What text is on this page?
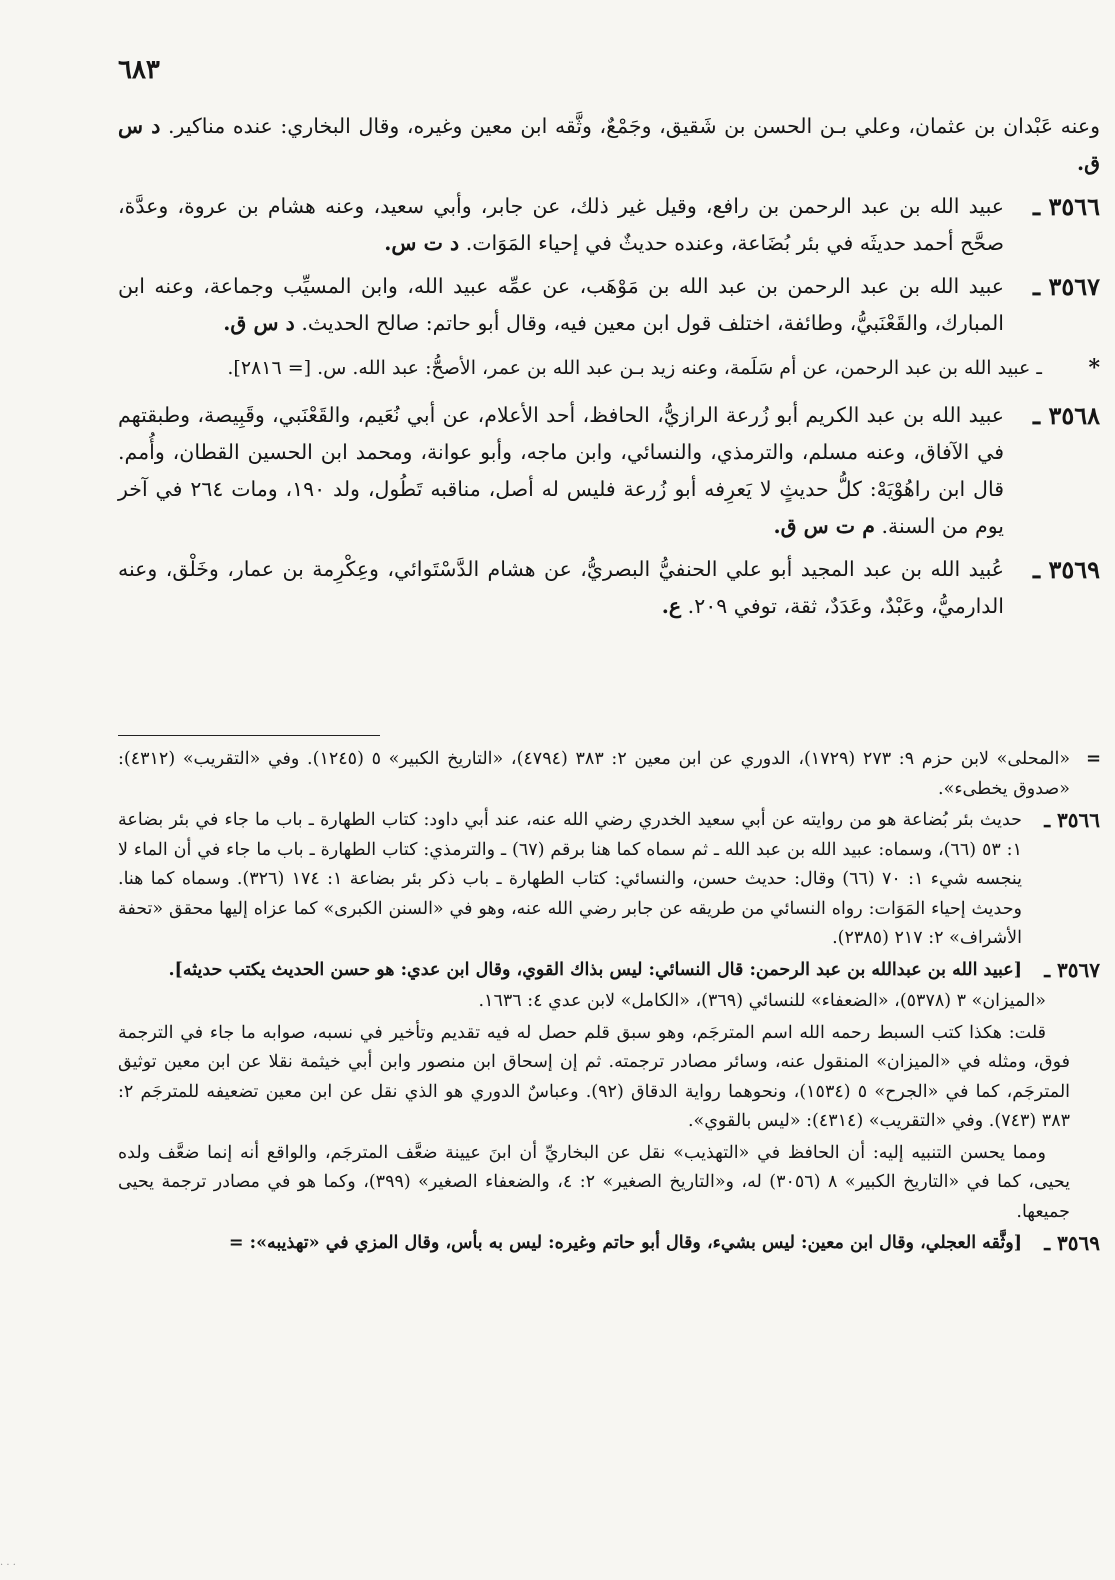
٦٨٣
وعنه عَبْدان بن عثمان، وعلي بـن الحسن بن شَقيق، وجَمْعٌ، وثَّقه ابن معين وغيره، وقال البخاري: عنده مناكير. د س ق.
٣٥٦٦ ـ
عبيد الله بن عبد الرحمن بن رافع، وقيل غير ذلك، عن جابر، وأبي سعيد، وعنه هشام بن عروة، وعدَّة، صحَّح أحمد حديثَه في بئر بُضَاعة، وعنده حديثٌ في إحياء المَوَات. د ت س.
٣٥٦٧ ـ
عبيد الله بن عبد الرحمن بن عبد الله بن مَوْهَب، عن عمِّه عبيد الله، وابن المسيِّب وجماعة، وعنه ابن المبارك، والقَعْنَبيُّ، وطائفة، اختلف قول ابن معين فيه، وقال أبو حاتم: صالح الحديث. د س ق.
*
ـ عبيد الله بن عبد الرحمن، عن أم سَلَمة، وعنه زيد بـن عبد الله بن عمر، الأصحُّ: عبد الله. س. [= ٢٨١٦].
٣٥٦٨ ـ
عبيد الله بن عبد الكريم أبو زُرعة الرازيُّ، الحافظ، أحد الأعلام، عن أبي نُعَيم، والقَعْنَبي، وقَبِيصة، وطبقتهم في الآفاق، وعنه مسلم، والترمذي، والنسائي، وابن ماجه، وأبو عوانة، ومحمد ابن الحسين القطان، وأُمم. قال ابن راهُوْيَهْ: كلُّ حديثٍ لا يَعرِفه أبو زُرعة فليس له أصل، مناقبه تَطُول، ولد ١٩٠، ومات ٢٦٤ في آخر يوم من السنة. م ت س ق.
٣٥٦٩ ـ
عُبيد الله بن عبد المجيد أبو علي الحنفيُّ البصريُّ، عن هشام الدَّسْتَوائي، وعِكْرِمة بن عمار، وخَلْق، وعنه الدارميُّ، وعَبْدٌ، وعَدَدٌ، ثقة، توفي ٢٠٩. ع.
=
«المحلى» لابن حزم ٩: ٢٧٣ (١٧٢٩)، الدوري عن ابن معين ٢: ٣٨٣ (٤٧٩٤)، «التاريخ الكبير» ٥ (١٢٤٥). وفي «التقريب» (٤٣١٢): «صدوق يخطىء».
٣٥٦٦ ـ
حديث بئر بُضاعة هو من روايته عن أبي سعيد الخدري رضي الله عنه، عند أبي داود: كتاب الطهارة ـ باب ما جاء في بئر بضاعة ١: ٥٣ (٦٦)، وسماه: عبيد الله بن عبد الله ـ ثم سماه كما هنا برقم (٦٧) ـ والترمذي: كتاب الطهارة ـ باب ما جاء في أن الماء لا ينجسه شيء ١: ٧٠ (٦٦) وقال: حديث حسن، والنسائي: كتاب الطهارة ـ باب ذكر بئر بضاعة ١: ١٧٤ (٣٢٦). وسماه كما هنا. وحديث إحياء المَوَات: رواه النسائي من طريقه عن جابر رضي الله عنه، وهو في «السنن الكبرى» كما عزاه إليها محقق «تحفة الأشراف» ٢: ٢١٧ (٢٣٨٥).
٣٥٦٧ ـ
[عبيد الله بن عبدالله بن عبد الرحمن: قال النسائي: ليس بذاك القوي، وقال ابن عدي: هو حسن الحديث يكتب حديثه].
«الميزان» ٣ (٥٣٧٨)، «الضعفاء» للنسائي (٣٦٩)، «الكامل» لابن عدي ٤: ١٦٣٦.
قلت: هكذا كتب السبط رحمه الله اسم المترجَم، وهو سبق قلم حصل له فيه تقديم وتأخير في نسبه، صوابه ما جاء في الترجمة فوق، ومثله في «الميزان» المنقول عنه، وسائر مصادر ترجمته. ثم إن إسحاق ابن منصور وابن أبي خيثمة نقلا عن ابن معين توثيق المترجَم، كما في «الجرح» ٥ (١٥٣٤)، ونحوهما رواية الدقاق (٩٢). وعباسٌ الدوري هو الذي نقل عن ابن معين تضعيفه للمترجَم ٢: ٣٨٣ (٧٤٣). وفي «التقريب» (٤٣١٤): «ليس بالقوي».
ومما يحسن التنبيه إليه: أن الحافظ في «التهذيب» نقل عن البخاريِّ أن ابنَ عيينة ضعَّف المترجَم، والواقع أنه إنما ضعَّف ولده يحيى، كما في «التاريخ الكبير» ٨ (٣٠٥٦) له، و«التاريخ الصغير» ٢: ٤، والضعفاء الصغير» (٣٩٩)، وكما هو في مصادر ترجمة يحيى جميعها.
٣٥٦٩ ـ
[وثَّقه العجلي، وقال ابن معين: ليس بشيء، وقال أبو حاتم وغيره: ليس به بأس، وقال المزي في «تهذيبه»: =
· · ·
